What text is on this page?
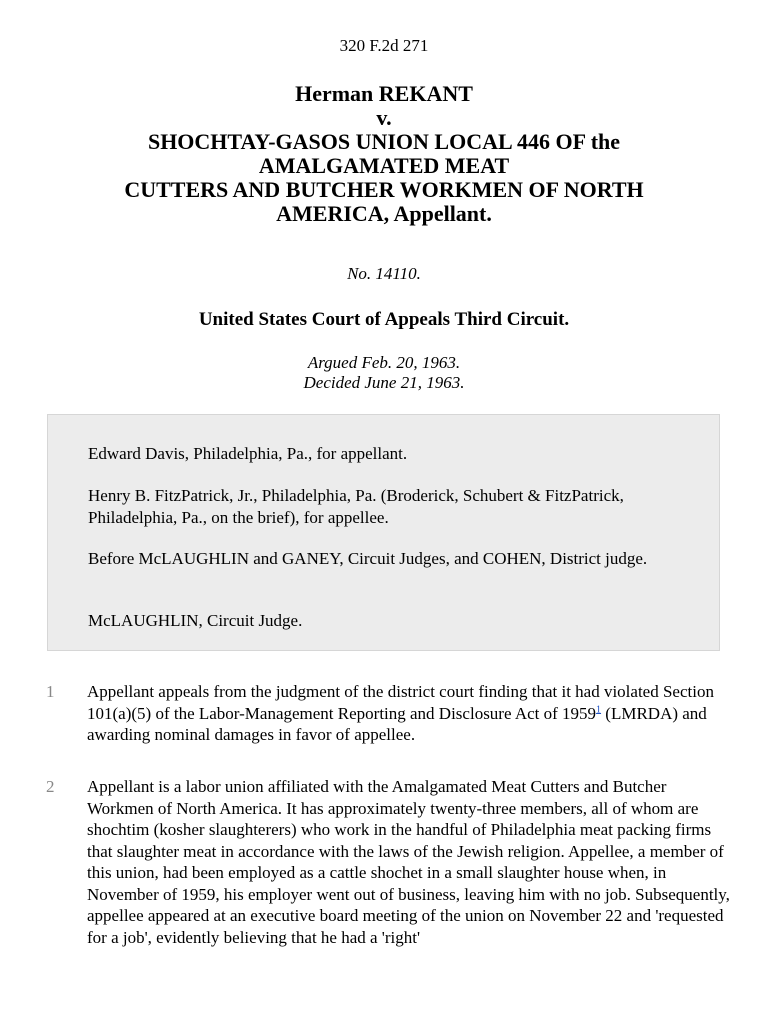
320 F.2d 271
Herman REKANT
v.
SHOCHTAY-GASOS UNION LOCAL 446 OF the
AMALGAMATED MEAT
CUTTERS AND BUTCHER WORKMEN OF NORTH
AMERICA, Appellant.
No. 14110.
United States Court of Appeals Third Circuit.
Argued Feb. 20, 1963.
Decided June 21, 1963.

Edward Davis, Philadelphia, Pa., for appellant.

Henry B. FitzPatrick, Jr., Philadelphia, Pa. (Broderick, Schubert & FitzPatrick, Philadelphia, Pa., on the brief), for appellee.

Before McLAUGHLIN and GANEY, Circuit Judges, and COHEN, District judge.

McLAUGHLIN, Circuit Judge.

1 Appellant appeals from the judgment of the district court finding that it had violated Section 101(a)(5) of the Labor-Management Reporting and Disclosure Act of 1959$^1$ (LMRDA) and awarding nominal damages in favor of appellee.

2 Appellant is a labor union affiliated with the Amalgamated Meat Cutters and Butcher Workmen of North America. It has approximately twenty-three members, all of whom are shochtim (kosher slaughterers) who work in the handful of Philadelphia meat packing firms that slaughter meat in accordance with the laws of the Jewish religion. Appellee, a member of this union, had been employed as a cattle shochet in a small slaughter house when, in November of 1959, his employer went out of business, leaving him with no job. Subsequently, appellee appeared at an executive board meeting of the union on November 22 and 'requested for a job', evidently believing that he had a 'right'
